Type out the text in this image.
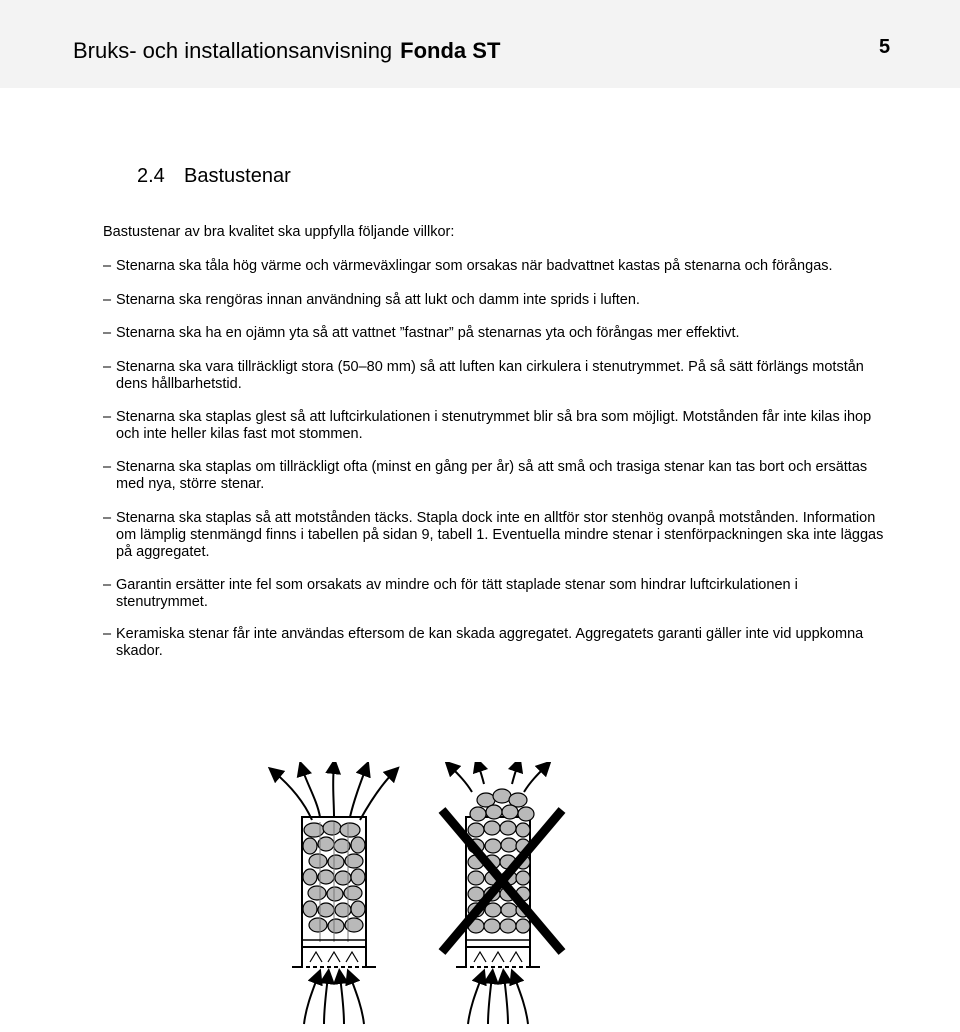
Bruks- och installationsanvisning Fonda ST	5
2.4 Bastustenar
Bastustenar av bra kvalitet ska uppfylla följande villkor:
– Stenarna ska tåla hög värme och värmeväxlingar som orsakas när badvattnet kastas på stenarna och förångas.
– Stenarna ska rengöras innan användning så att lukt och damm inte sprids i luften.
– Stenarna ska ha en ojämn yta så att vattnet ”fastnar” på stenarnas yta och förångas mer effektivt.
– Stenarna ska vara tillräckligt stora (50–80 mm) så att luften kan cirkulera i stenutrymmet. På så sätt förlängs motstån dens hållbarhetstid.
– Stenarna ska staplas glest så att luftcirkulationen i stenutrymmet blir så bra som möjligt. Motstånden får inte kilas ihop och inte heller kilas fast mot stommen.
– Stenarna ska staplas om tillräckligt ofta (minst en gång per år) så att små och trasiga stenar kan tas bort och ersättas med nya, större stenar.
– Stenarna ska staplas så att motstånden täcks. Stapla dock inte en alltför stor stenhög ovanpå motstånden. Information om lämplig stenmängd finns i tabellen på sidan 9, tabell 1. Eventuella mindre stenar i stenförpackningen ska inte läggas på aggregatet.
– Garantin ersätter inte fel som orsakats av mindre och för tätt staplade stenar som hindrar luftcirkulationen i stenutrymmet.
– Keramiska stenar får inte användas eftersom de kan skada aggregatet. Aggregatets garanti gäller inte vid uppkomna skador.
